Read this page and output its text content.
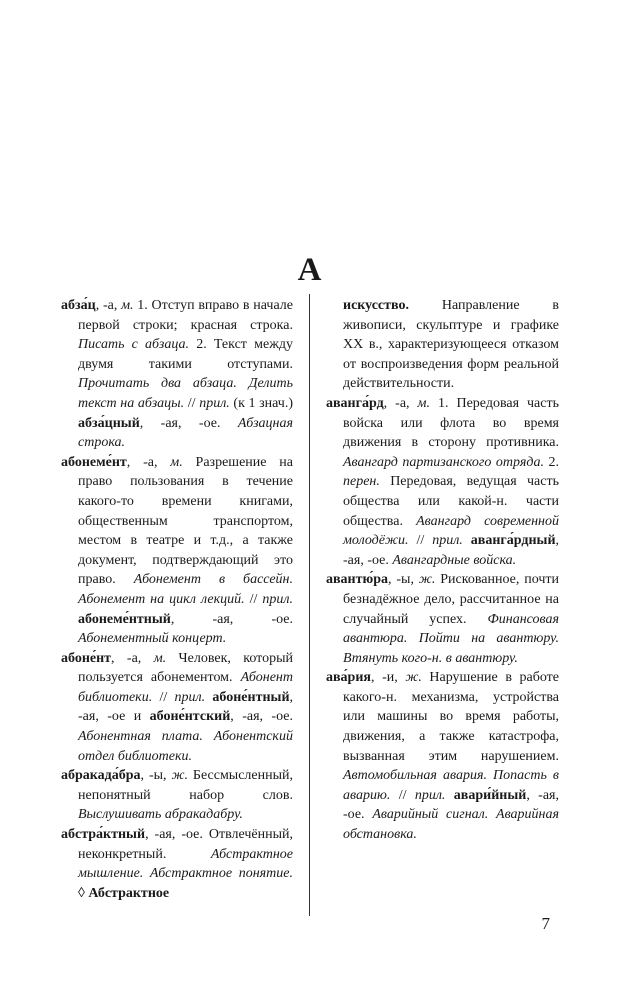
А
абза́ц, -а, м. 1. Отступ вправо в начале первой строки; красная строка. Писать с абзаца. 2. Текст между двумя такими отступами. Прочитать два абзаца. Делить текст на абзацы. // прил. (к 1 знач.) абза́цный, -ая, -ое. Абзацная строка.
абонеме́нт, -а, м. Разрешение на право пользования в течение какого-то времени книгами, общественным транспортом, местом в театре и т.д., а также документ, подтверждающий это право. Абонемент в бассейн. Абонемент на цикл лекций. // прил. абонеме́нтный, -ая, -ое. Абонементный концерт.
абоне́нт, -а, м. Человек, который пользуется абонементом. Абонент библиотеки. // прил. абоне́нтный, -ая, -ое и абоне́нтский, -ая, -ое. Абонентная плата. Абонентский отдел библиотеки.
абракада́бра, -ы, ж. Бессмысленный, непонятный набор слов. Выслушивать абракадабру.
абстра́ктный, -ая, -ое. Отвлечённый, неконкретный. Абстрактное мышление. Абстрактное понятие. ◊ Абстрактное
искусство. Направление в живописи, скульптуре и графике XX в., характеризующееся отказом от воспроизведения форм реальной действительности.
аванга́рд, -а, м. 1. Передовая часть войска или флота во время движения в сторону противника. Авангард партизанского отряда. 2. перен. Передовая, ведущая часть общества или какой-н. части общества. Авангард современной молодёжи. // прил. аванга́рдный, -ая, -ое. Авангардные войска.
авантю́ра, -ы, ж. Рискованное, почти безнадёжное дело, рассчитанное на случайный успех. Финансовая авантюра. Пойти на авантюру. Втянуть кого-н. в авантюру.
ава́рия, -и, ж. Нарушение в работе какого-н. механизма, устройства или машины во время работы, движения, а также катастрофа, вызванная этим нарушением. Автомобильная авария. Попасть в аварию. // прил. авари́йный, -ая, -ое. Аварийный сигнал. Аварийная обстановка.
7
